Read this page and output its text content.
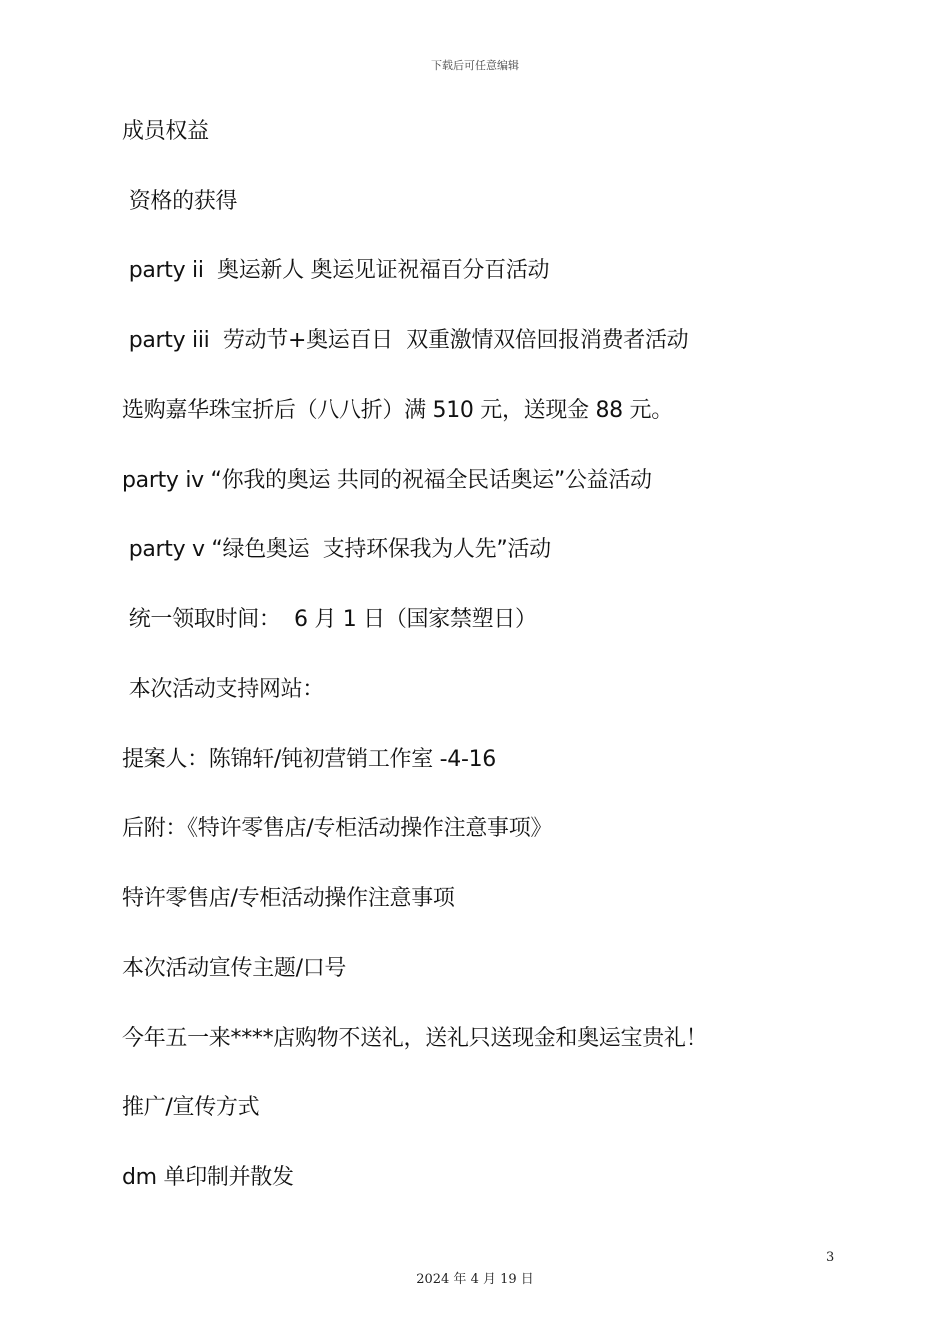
下载后可任意编辑
成员权益
资格的获得
party ii  奥运新人 奥运见证祝福百分百活动
party iii  劳动节+奥运百日  双重激情双倍回报消费者活动
选购嘉华珠宝折后（八八折）满 510 元，送现金 88 元。
party iv “你我的奥运 共同的祝福全民话奥运”公益活动
party v “绿色奥运  支持环保我为人先”活动
统一领取时间：  6 月 1 日（国家禁塑日）
本次活动支持网站：
提案人：陈锦轩/钝初营销工作室 -4-16
后附：《特许零售店/专柜活动操作注意事项》
特许零售店/专柜活动操作注意事项
本次活动宣传主题/口号
今年五一来****店购物不送礼，送礼只送现金和奥运宝贵礼！
推广/宣传方式
dm 单印制并散发
3
2024 年 4 月 19 日
